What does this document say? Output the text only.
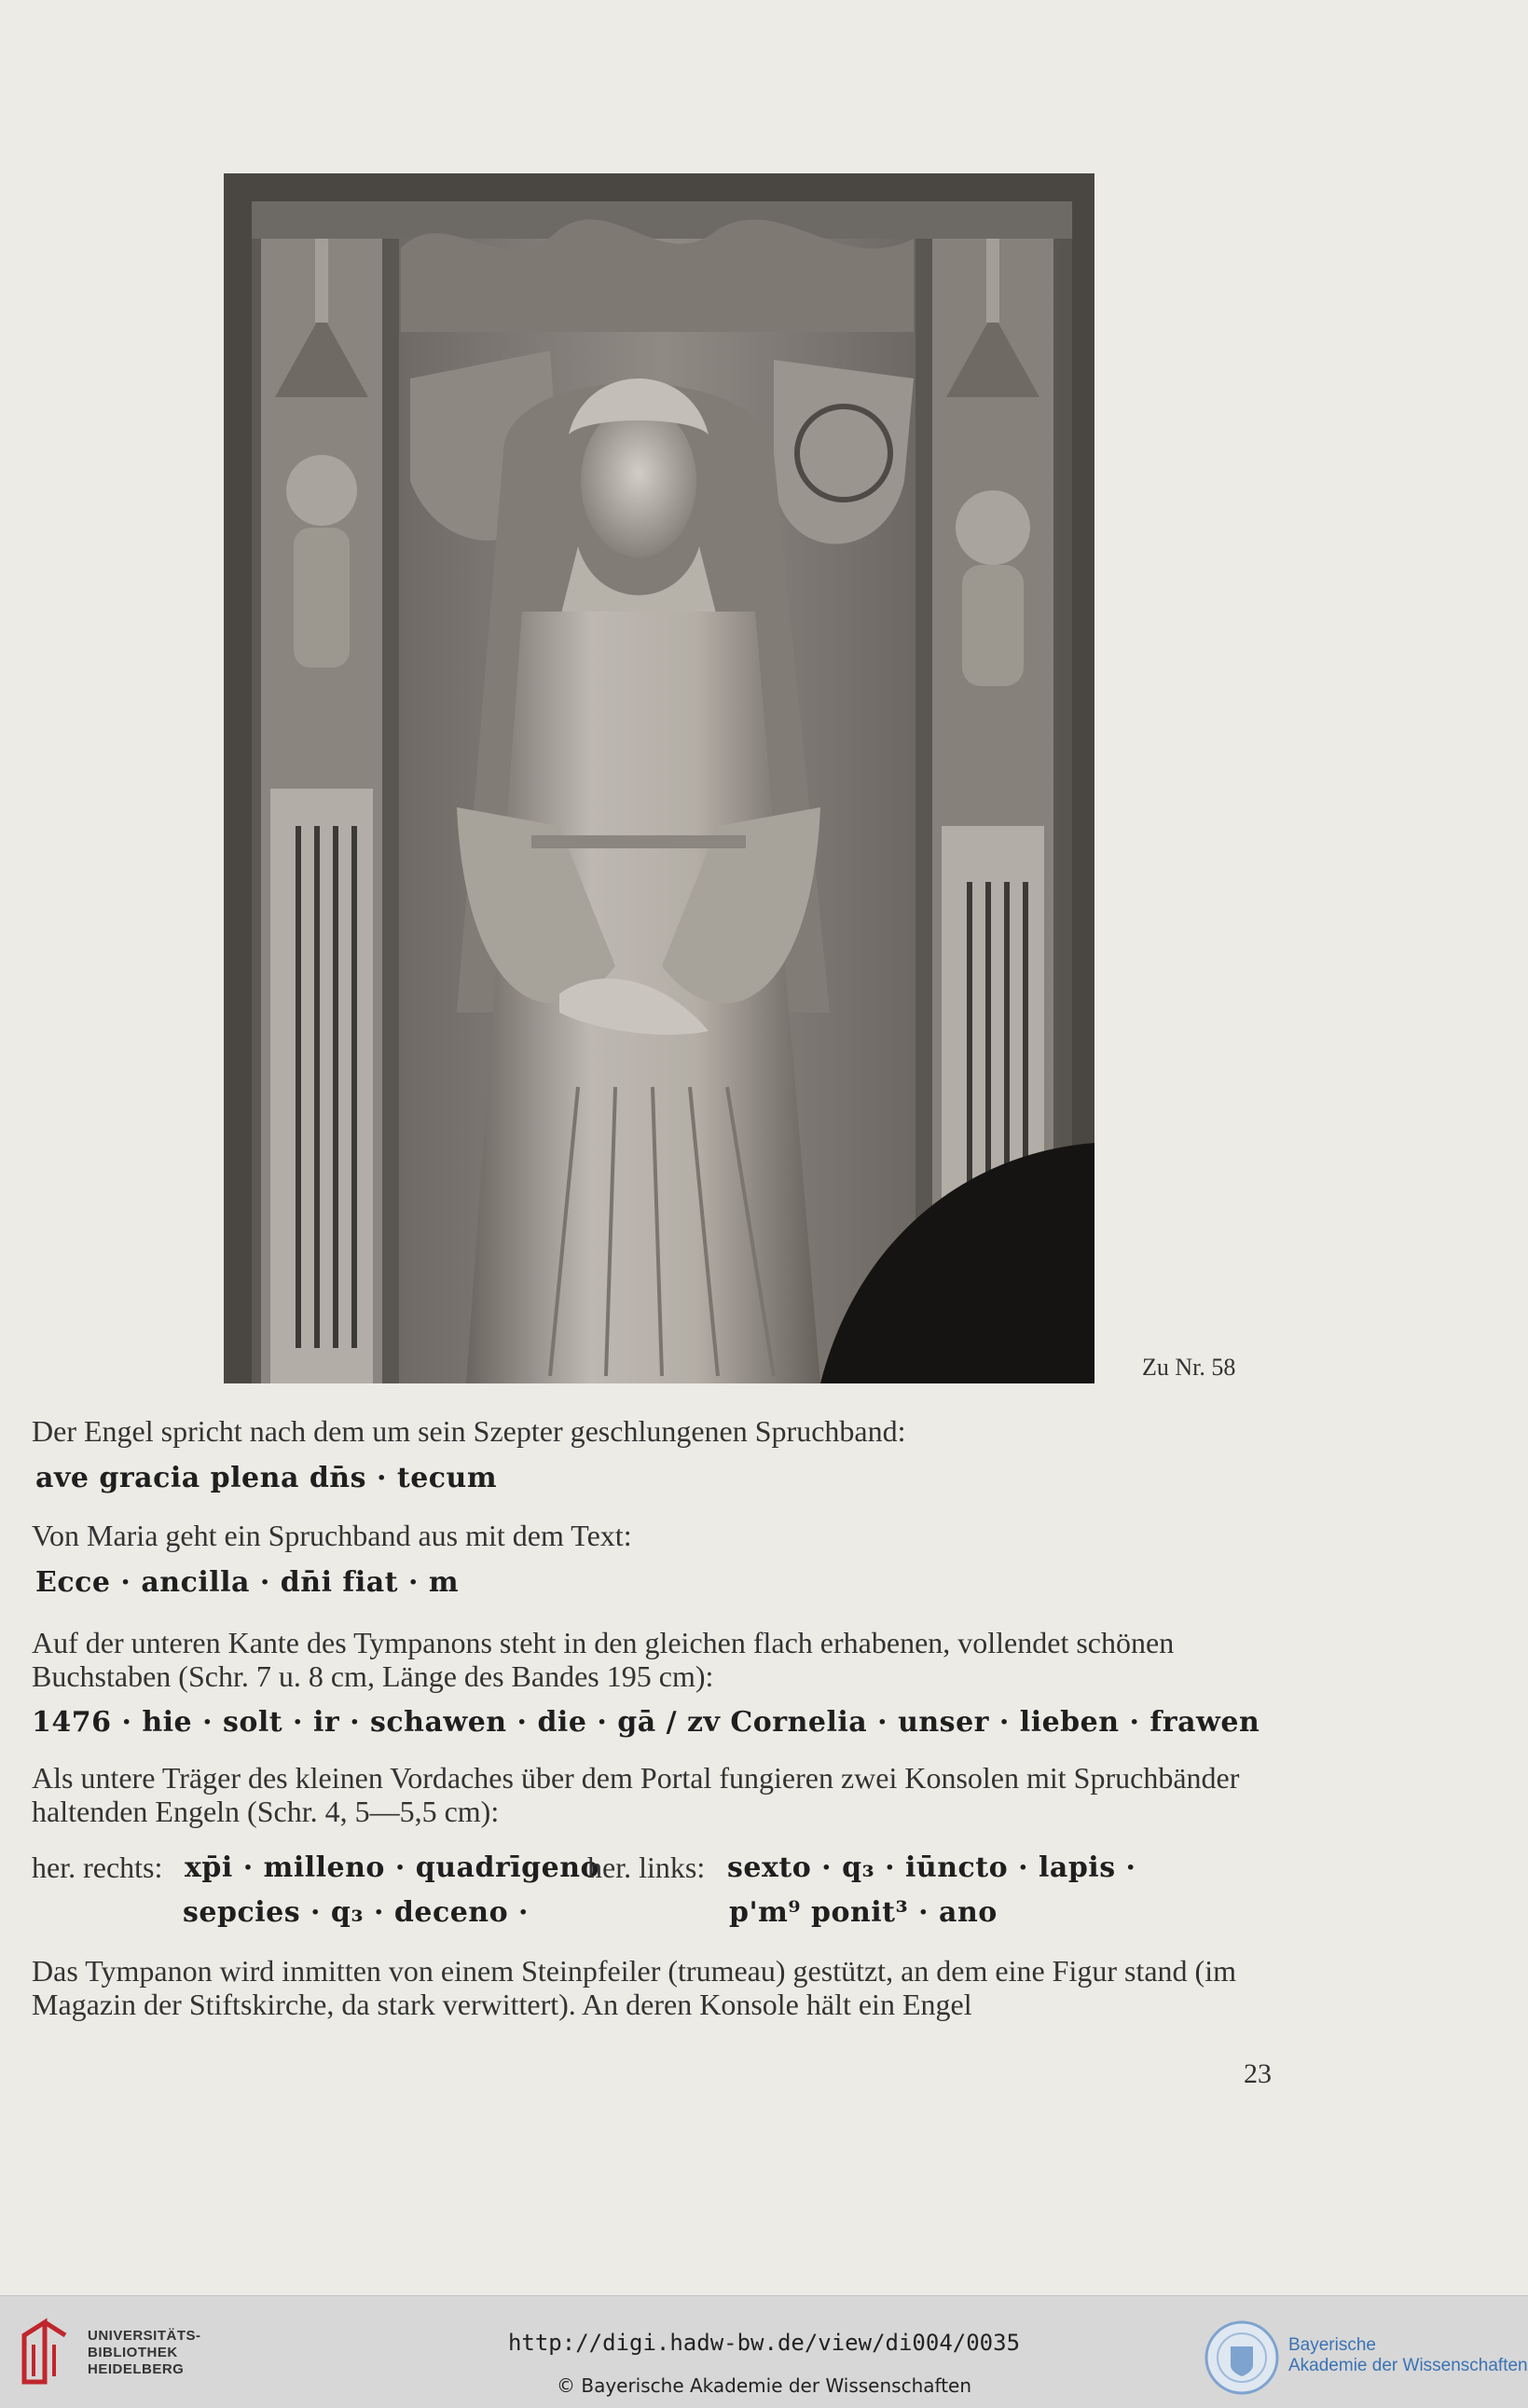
Zu Nr. 58
Der Engel spricht nach dem um sein Szepter geschlungenen Spruchband:
ave gracia plena dn̄s · tecum
Von Maria geht ein Spruchband aus mit dem Text:
Ecce · ancilla · dn̄i fiat · m
Auf der unteren Kante des Tympanons steht in den gleichen flach erhabenen, vollendet schönen Buchstaben (Schr. 7 u. 8 cm, Länge des Bandes 195 cm):
1476 · hie · solt · ir · schawen · die · gā / zv Cornelia · unser · lieben · frawen
Als untere Träger des kleinen Vordaches über dem Portal fungieren zwei Konsolen mit Spruchbänder haltenden Engeln (Schr. 4, 5—5,5 cm):
her. rechts: xp̄i · milleno · quadrīgeno
her. links: sexto · q₃ · iūncto · lapis ·
sepcies · q₃ · deceno ·	p'm⁹ ponit³ · ano
Das Tympanon wird inmitten von einem Steinpfeiler (trumeau) gestützt, an dem eine Figur stand (im Magazin der Stiftskirche, da stark verwittert). An deren Konsole hält ein Engel
23
UNIVERSITÄTS-
BIBLIOTHEK
HEIDELBERG
http://digi.hadw-bw.de/view/di004/0035
© Bayerische Akademie der Wissenschaften
Bayerische
Akademie der Wissenschaften
